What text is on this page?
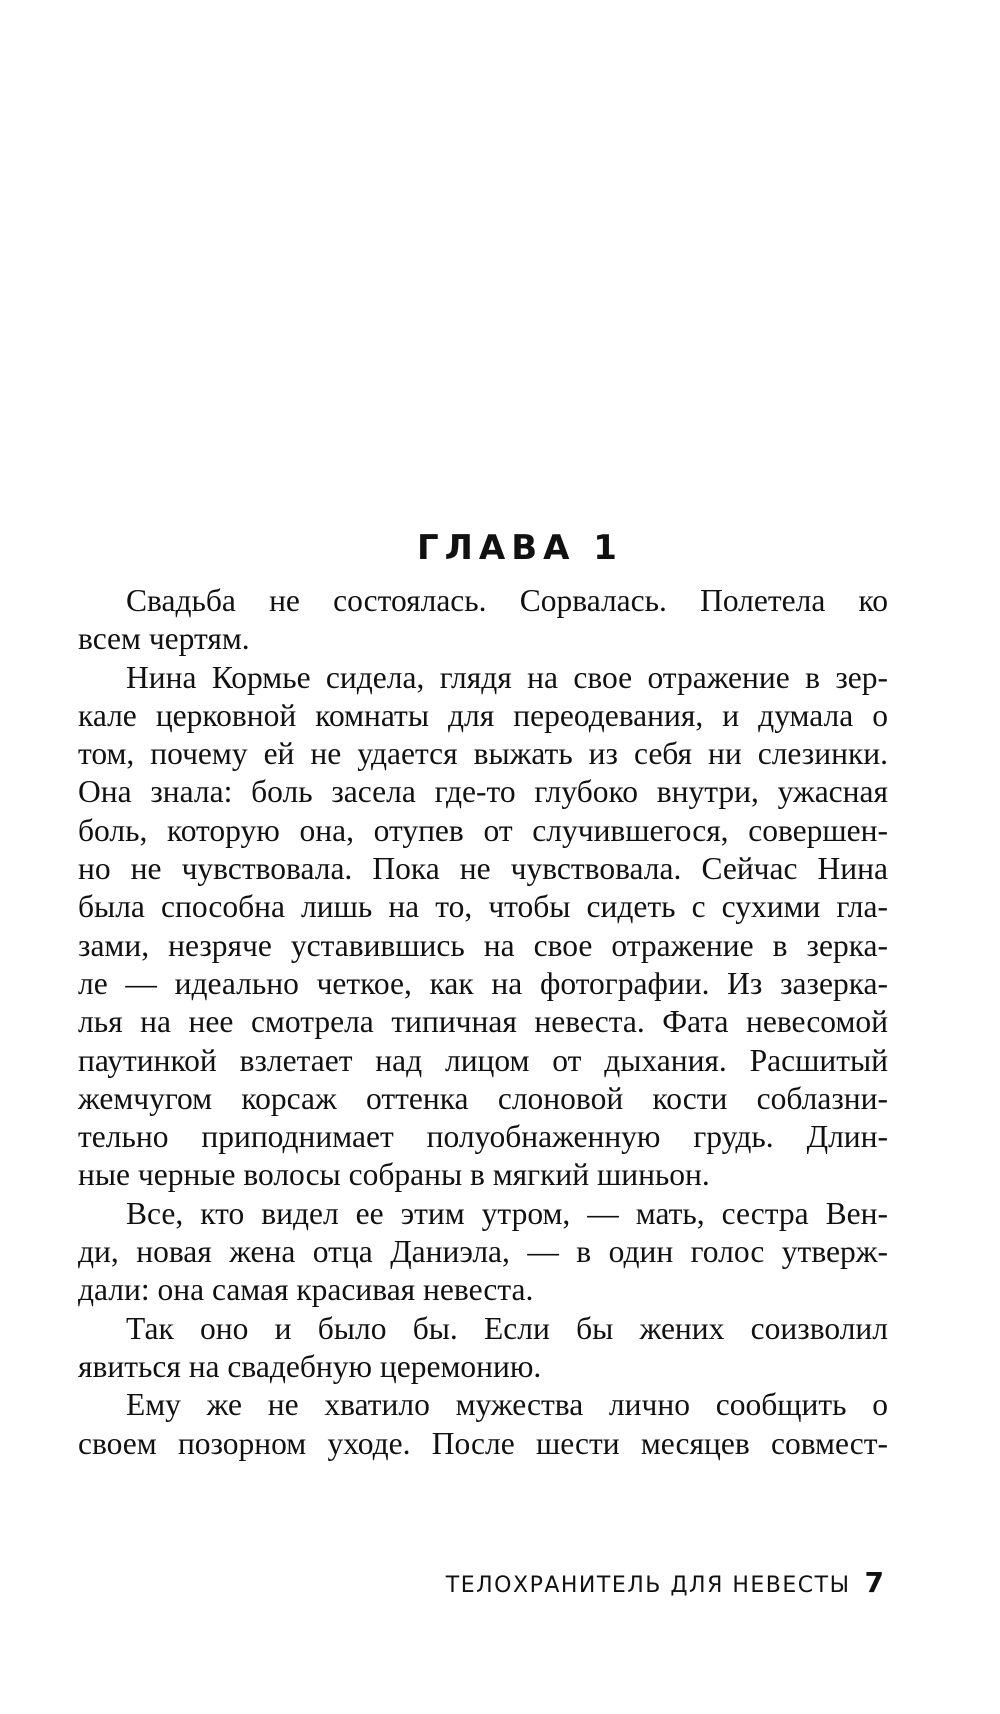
ГЛАВА 1
Свадьба не состоялась. Сорвалась. Полетела ко
всем чертям.
Нина Кормье сидела, глядя на свое отражение в зер-
кале церковной комнаты для переодевания, и думала о
том, почему ей не удается выжать из себя ни слезинки.
Она знала: боль засела где-то глубоко внутри, ужасная
боль, которую она, отупев от случившегося, совершен-
но не чувствовала. Пока не чувствовала. Сейчас Нина
была способна лишь на то, чтобы сидеть с сухими гла-
зами, незряче уставившись на свое отражение в зерка-
ле — идеально четкое, как на фотографии. Из зазерка-
лья на нее смотрела типичная невеста. Фата невесомой
паутинкой взлетает над лицом от дыхания. Расшитый
жемчугом корсаж оттенка слоновой кости соблазни-
тельно приподнимает полуобнаженную грудь. Длин-
ные черные волосы собраны в мягкий шиньон.
Все, кто видел ее этим утром, — мать, сестра Вен-
ди, новая жена отца Даниэла, — в один голос утверж-
дали: она самая красивая невеста.
Так оно и было бы. Если бы жених соизволил
явиться на свадебную церемонию.
Ему же не хватило мужества лично сообщить о
своем позорном уходе. После шести месяцев совмест-
ТЕЛОХРАНИТЕЛЬ ДЛЯ НЕВЕСТЫ 7
